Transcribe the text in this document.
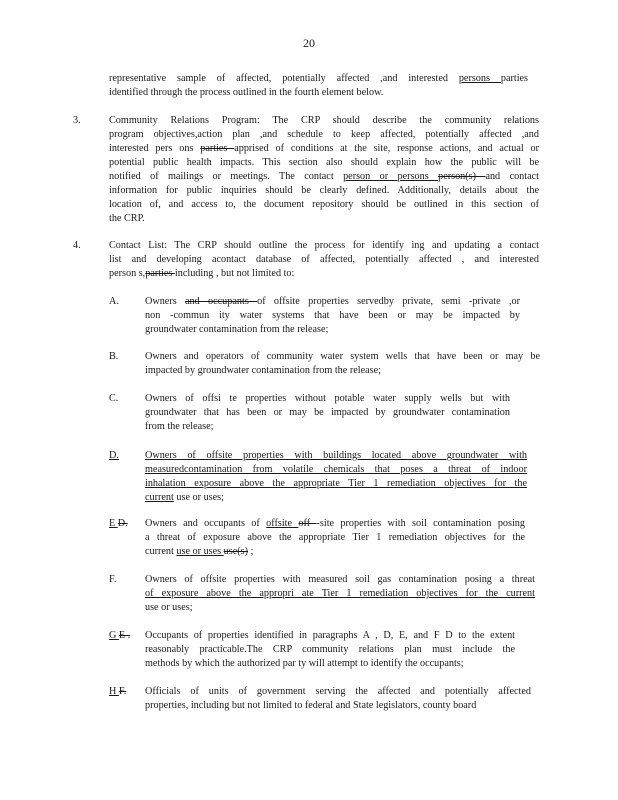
20
representative sample of affected, potentially affected ,and interested persons parties
identified through the process outlined in the fourth element below.
3.	Community Relations Program: The CRP should describe the community relations
program objectives,action plan ,and schedule to keep affected, potentially affected ,and
interested pers ons parties apprised of conditions at the site, response actions, and actual or
potential public health impacts. This section also should explain how the public will be
notified of mailings or meetings. The contact person or persons person(s) and contact
information for public inquiries should be clearly defined. Additionally, details about the
location of, and access to, the document repository should be outlined in this section of
the CRP.
4.	Contact List: The CRP should outline the process for identify ing and updating a contact
list and developing acontact database of affected, potentially affected , and interested
person s,parties including , but not limited to:
A.	Owners and occupants of offsite properties servedby private, semi -private ,or
non -commun ity water systems that have been or may be impacted by
groundwater contamination from the release;
B.	Owners and operators of community water system wells that have been or may be
impacted by groundwater contamination from the release;
C.	Owners of offsi te properties without potable water supply wells but with
groundwater that has been or may be impacted by groundwater contamination
from the release;
D.	Owners of offsite properties with buildings located above groundwater with
measuredcontamination from volatile chemicals that poses a threat of indoor
inhalation exposure above the appropriate Tier 1 remediation objectives for the
current use or uses;
E D. Owners and occupants of offsite off -site properties with soil contamination posing
a threat of exposure above the appropriate Tier 1 remediation objectives for the
current use or uses use(s) ;
F.	Owners of offsite properties with measured soil gas contamination posing a threat
of exposure above the appropri ate Tier 1 remediation objectives for the current
use or uses;
G E . Occupants of properties identified in paragraphs A , D, E, and F D to the extent
reasonably practicable.The CRP community relations plan must include the
methods by which the authorized par ty will attempt to identify the occupants;
H F. Officials of units of government serving the affected and potentially affected
properties, including but not limited to federal and State legislators, county board
